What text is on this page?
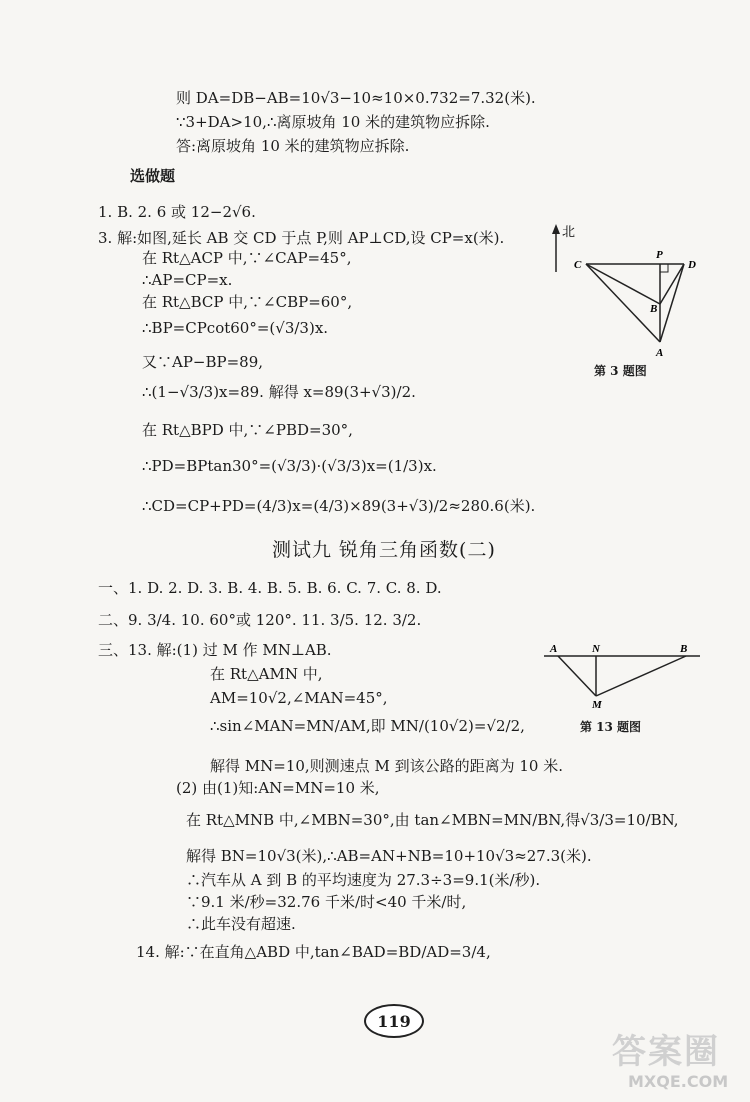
则 DA=DB−AB=10√3−10≈10×0.732=7.32(米).
∵3+DA>10,∴离原坡角 10 米的建筑物应拆除.
答:离原坡角 10 米的建筑物应拆除.
选做题
1. B. 2. 6 或 12−2√6.
3. 解:如图,延长 AB 交 CD 于点 P,则 AP⊥CD,设 CP=x(米).
在 Rt△ACP 中,∵∠CAP=45°,
∴AP=CP=x.
在 Rt△BCP 中,∵∠CBP=60°,
∴BP=CPcot60°=(√3/3)x.
又∵AP−BP=89,
∴(1−√3/3)x=89. 解得 x=89(3+√3)/2.
在 Rt△BPD 中,∵∠PBD=30°,
∴PD=BPtan30°=(√3/3)·(√3/3)x=(1/3)x.
∴CD=CP+PD=(4/3)x=(4/3)×89(3+√3)/2≈280.6(米).
北
C
P
D
B
A
第 3 题图
测试九 锐角三角函数(二)
一、1. D. 2. D. 3. B. 4. B. 5. B. 6. C. 7. C. 8. D.
二、9. 3/4. 10. 60°或 120°. 11. 3/5. 12. 3/2.
三、13. 解:(1) 过 M 作 MN⊥AB.
在 Rt△AMN 中,
AM=10√2,∠MAN=45°,
∴sin∠MAN=MN/AM,即 MN/(10√2)=√2/2,
解得 MN=10,则测速点 M 到该公路的距离为 10 米.
(2) 由(1)知:AN=MN=10 米,
在 Rt△MNB 中,∠MBN=30°,由 tan∠MBN=MN/BN,得√3/3=10/BN,
解得 BN=10√3(米),∴AB=AN+NB=10+10√3≈27.3(米).
∴汽车从 A 到 B 的平均速度为 27.3÷3=9.1(米/秒).
∵9.1 米/秒=32.76 千米/时<40 千米/时,
∴此车没有超速.
14. 解:∵在直角△ABD 中,tan∠BAD=BD/AD=3/4,
A	N	B
M
第 13 题图
119
答案圈
MXQE.COM
